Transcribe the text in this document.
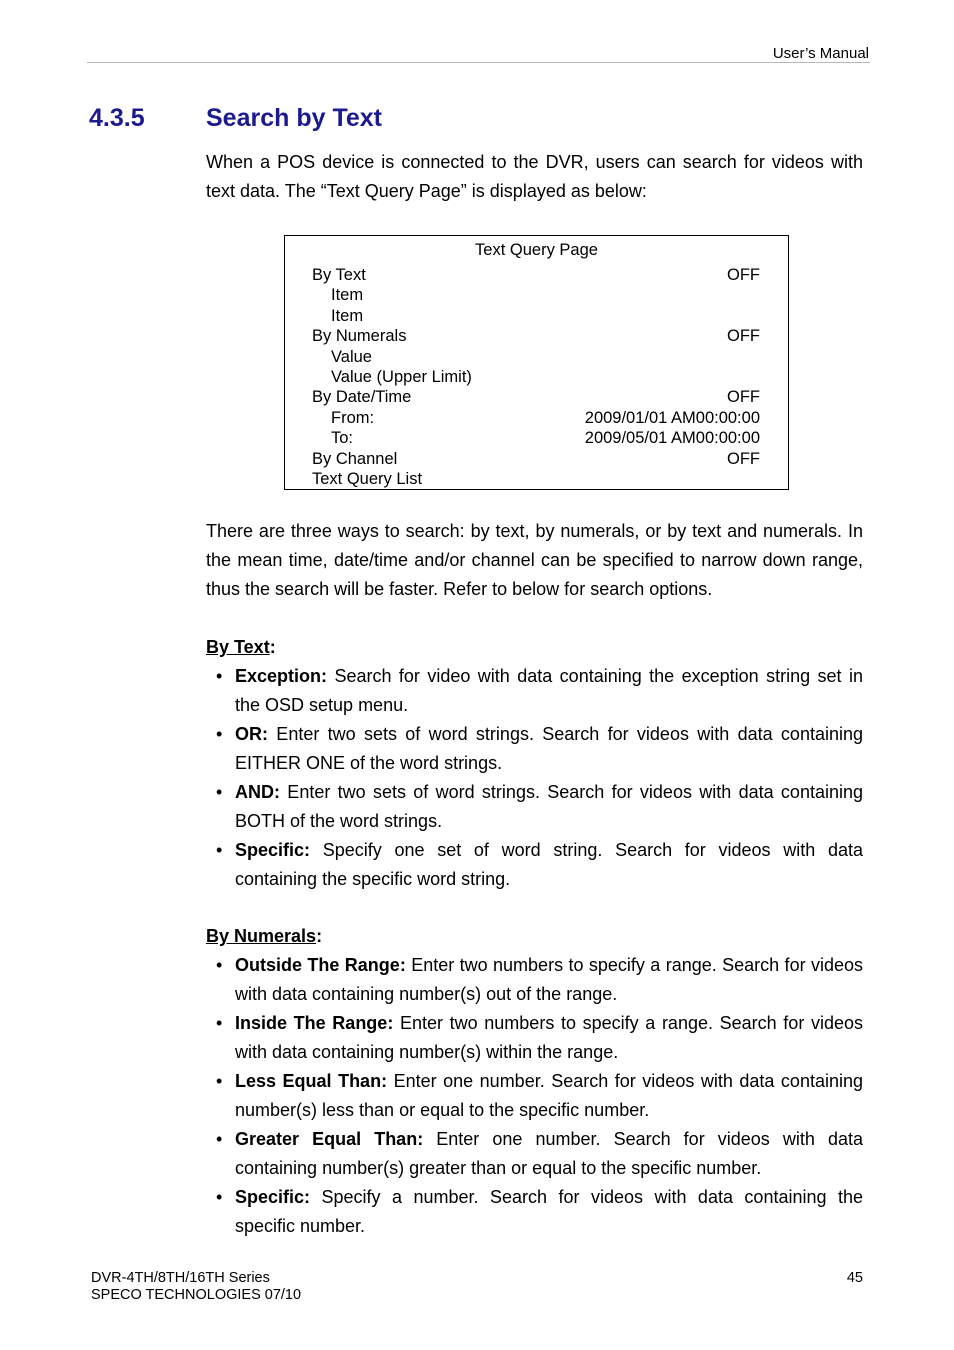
User’s Manual
4.3.5 Search by Text
When a POS device is connected to the DVR, users can search for videos with text data. The “Text Query Page” is displayed as below:
Text Query Page
By Text	OFF
Item
Item
By Numerals	OFF
Value
Value (Upper Limit)
By Date/Time	OFF
From:	2009/01/01 AM00:00:00
To:	2009/05/01 AM00:00:00
By Channel	OFF
Text Query List
There are three ways to search: by text, by numerals, or by text and numerals. In the mean time, date/time and/or channel can be specified to narrow down range, thus the search will be faster. Refer to below for search options.
By Text:
• Exception: Search for video with data containing the exception string set in the OSD setup menu.
• OR: Enter two sets of word strings. Search for videos with data containing EITHER ONE of the word strings.
• AND: Enter two sets of word strings. Search for videos with data containing BOTH of the word strings.
• Specific: Specify one set of word string. Search for videos with data containing the specific word string.
By Numerals:
• Outside The Range: Enter two numbers to specify a range. Search for videos with data containing number(s) out of the range.
• Inside The Range: Enter two numbers to specify a range. Search for videos with data containing number(s) within the range.
• Less Equal Than: Enter one number. Search for videos with data containing number(s) less than or equal to the specific number.
• Greater Equal Than: Enter one number. Search for videos with data containing number(s) greater than or equal to the specific number.
• Specific: Specify a number. Search for videos with data containing the specific number.
DVR-4TH/8TH/16TH Series
SPECO TECHNOLOGIES 07/10
45
